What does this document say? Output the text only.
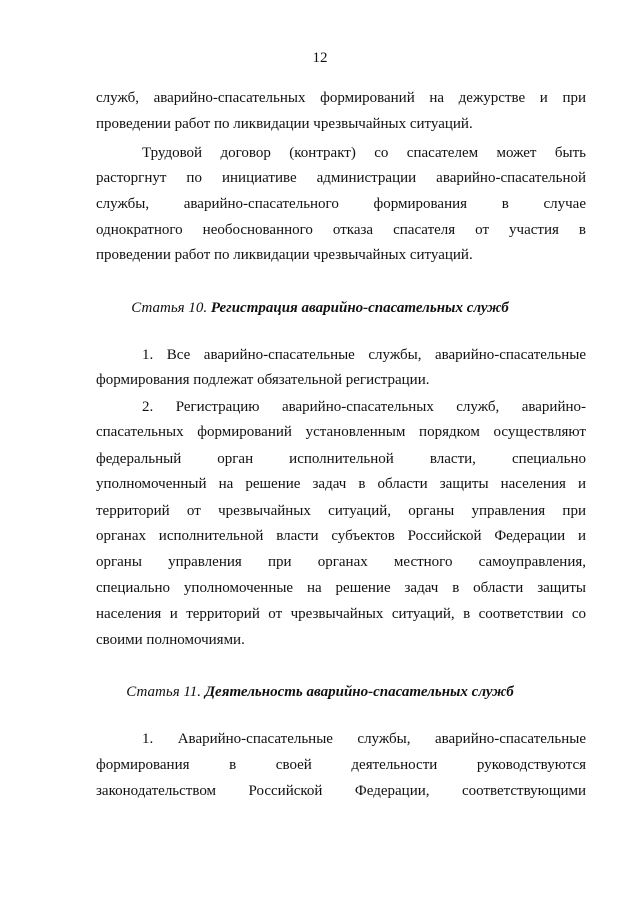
12
служб, аварийно-спасательных формирований на дежурстве и при
проведении работ по ликвидации чрезвычайных ситуаций.
Трудовой договор (контракт) со спасателем может быть
расторгнут по инициативе администрации аварийно-спасательной
службы, аварийно-спасательного формирования в случае
однократного необоснованного отказа спасателя от участия в
проведении работ по ликвидации чрезвычайных ситуаций.
Статья 10. Регистрация аварийно-спасательных служб
1. Все аварийно-спасательные службы, аварийно-спасательные
формирования подлежат обязательной регистрации.
2. Регистрацию аварийно-спасательных служб, аварийно-
спасательных формирований установленным порядком осуществляют
федеральный орган исполнительной власти, специально
уполномоченный на решение задач в области защиты населения и
территорий от чрезвычайных ситуаций, органы управления при
органах исполнительной власти субъектов Российской Федерации и
органы управления при органах местного самоуправления,
специально уполномоченные на решение задач в области защиты
населения и территорий от чрезвычайных ситуаций, в соответствии со
своими полномочиями.
Статья 11. Деятельность аварийно-спасательных служб
1. Аварийно-спасательные службы, аварийно-спасательные
формирования в своей деятельности руководствуются
законодательством Российской Федерации, соответствующими
